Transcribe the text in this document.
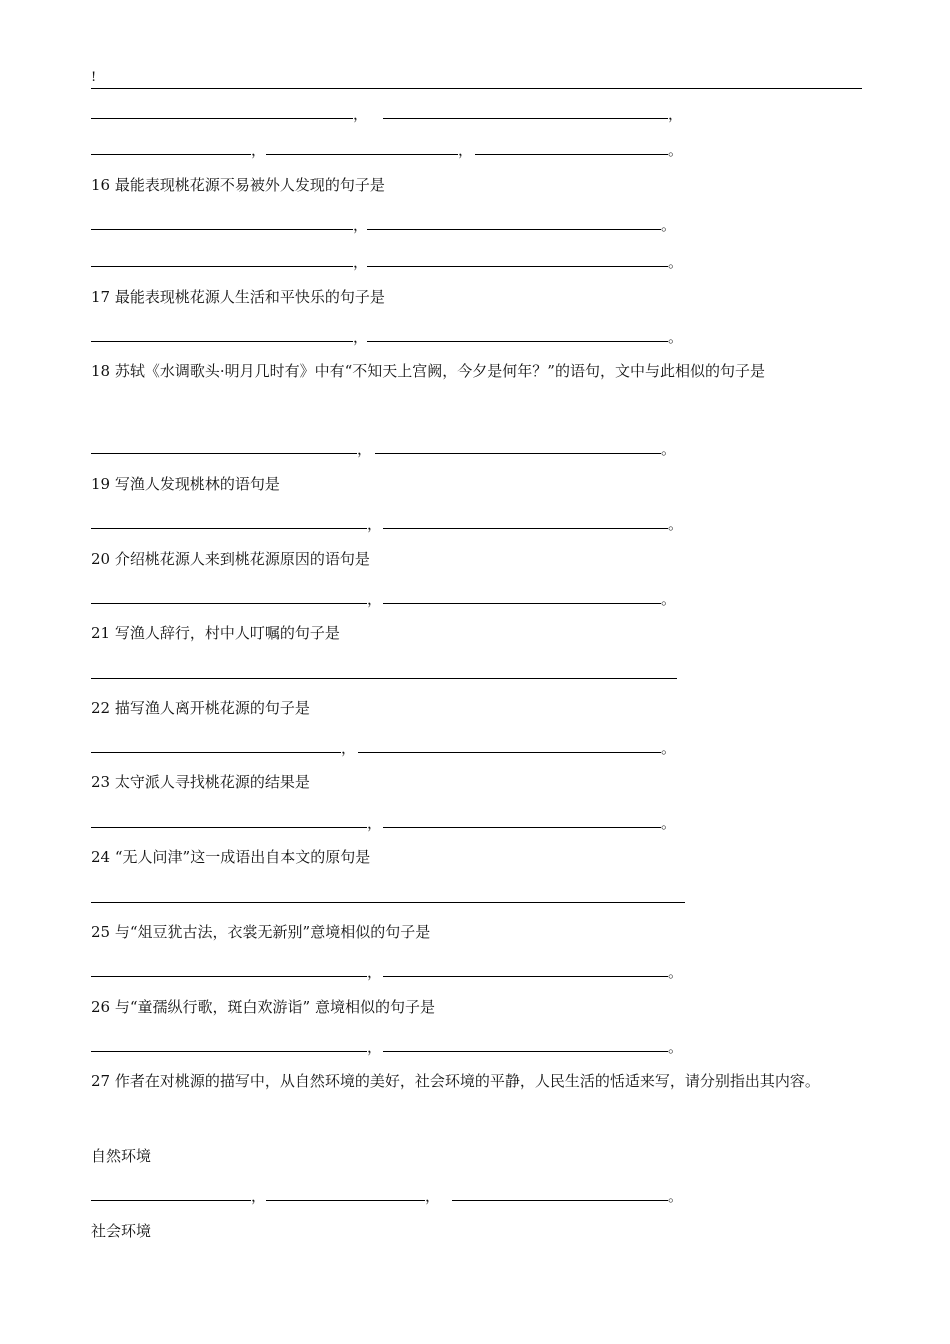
!
，	，
，	，	。
16 最能表现桃花源不易被外人发现的句子是
，	。
，	。
17 最能表现桃花源人生活和平快乐的句子是
，	。
18 苏轼《水调歌头·明月几时有》中有“不知天上宫阙，今夕是何年？”的语句，文中与此相似的句子是
，	。
19 写渔人发现桃林的语句是
，	。
20 介绍桃花源人来到桃花源原因的语句是
，	。
21 写渔人辞行，村中人叮嘱的句子是
22 描写渔人离开桃花源的句子是
，	。
23 太守派人寻找桃花源的结果是
，	。
24 “无人问津”这一成语出自本文的原句是
25 与“俎豆犹古法，衣裳无新别”意境相似的句子是
，	。
26 与“童孺纵行歌，斑白欢游诣” 意境相似的句子是
，	。
27 作者在对桃源的描写中，从自然环境的美好，社会环境的平静，人民生活的恬适来写，请分别指出其内容。
自然环境
，	，	。
社会环境
